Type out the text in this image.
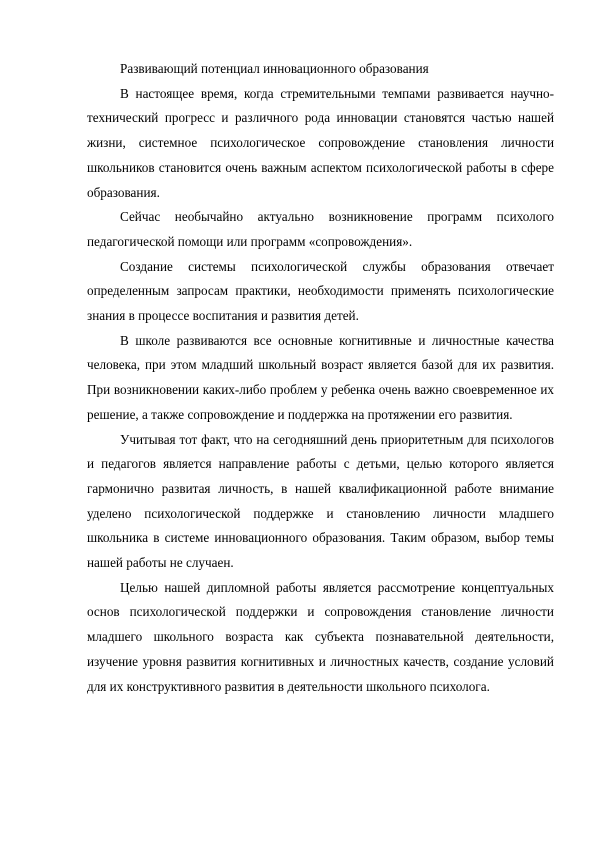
Развивающий потенциал инновационного образования

В настоящее время, когда стремительными темпами развивается научно-технический прогресс и различного рода инновации становятся частью нашей жизни, системное психологическое сопровождение становления личности школьников становится очень важным аспектом психологической работы в сфере образования.

Сейчас необычайно актуально возникновение программ психолого педагогической помощи или программ «сопровождения».

Создание системы психологической службы образования отвечает определенным запросам практики, необходимости применять психологические знания в процессе воспитания и развития детей.

В школе развиваются все основные когнитивные и личностные качества человека, при этом младший школьный возраст является базой для их развития. При возникновении каких-либо проблем у ребенка очень важно своевременное их решение, а также сопровождение и поддержка на протяжении его развития.

Учитывая тот факт, что на сегодняшний день приоритетным для психологов и педагогов является направление работы с детьми, целью которого является гармонично развитая личность, в нашей квалификационной работе внимание уделено психологической поддержке и становлению личности младшего школьника в системе инновационного образования. Таким образом, выбор темы нашей работы не случаен.

Целью нашей дипломной работы является рассмотрение концептуальных основ психологической поддержки и сопровождения становление личности младшего школьного возраста как субъекта познавательной деятельности, изучение уровня развития когнитивных и личностных качеств, создание условий для их конструктивного развития в деятельности школьного психолога.
